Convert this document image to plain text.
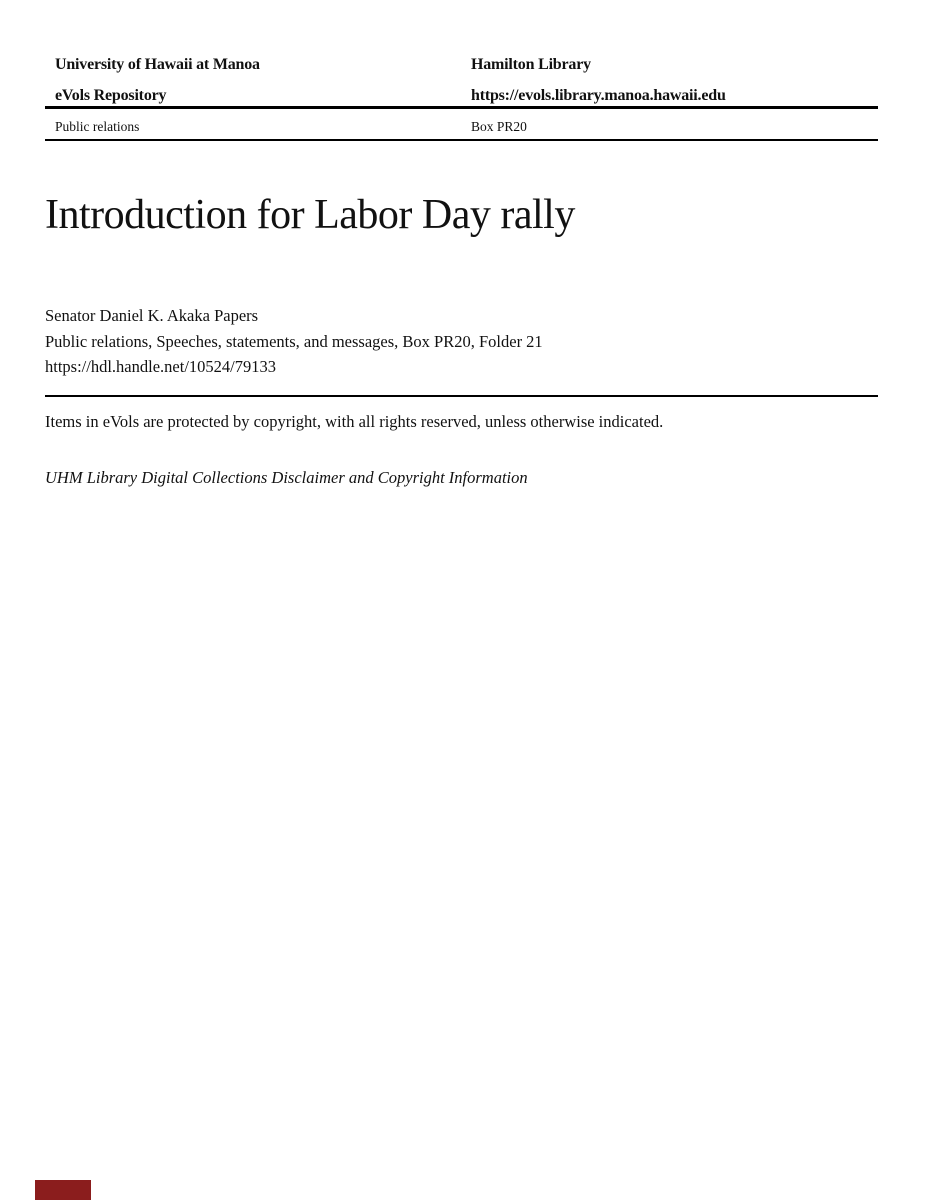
University of Hawaii at Manoa	Hamilton Library
eVols Repository	https://evols.library.manoa.hawaii.edu
Public relations	Box PR20
Introduction for Labor Day rally
Senator Daniel K. Akaka Papers
Public relations, Speeches, statements, and messages, Box PR20, Folder 21
https://hdl.handle.net/10524/79133
Items in eVols are protected by copyright, with all rights reserved, unless otherwise indicated.
UHM Library Digital Collections Disclaimer and Copyright Information
